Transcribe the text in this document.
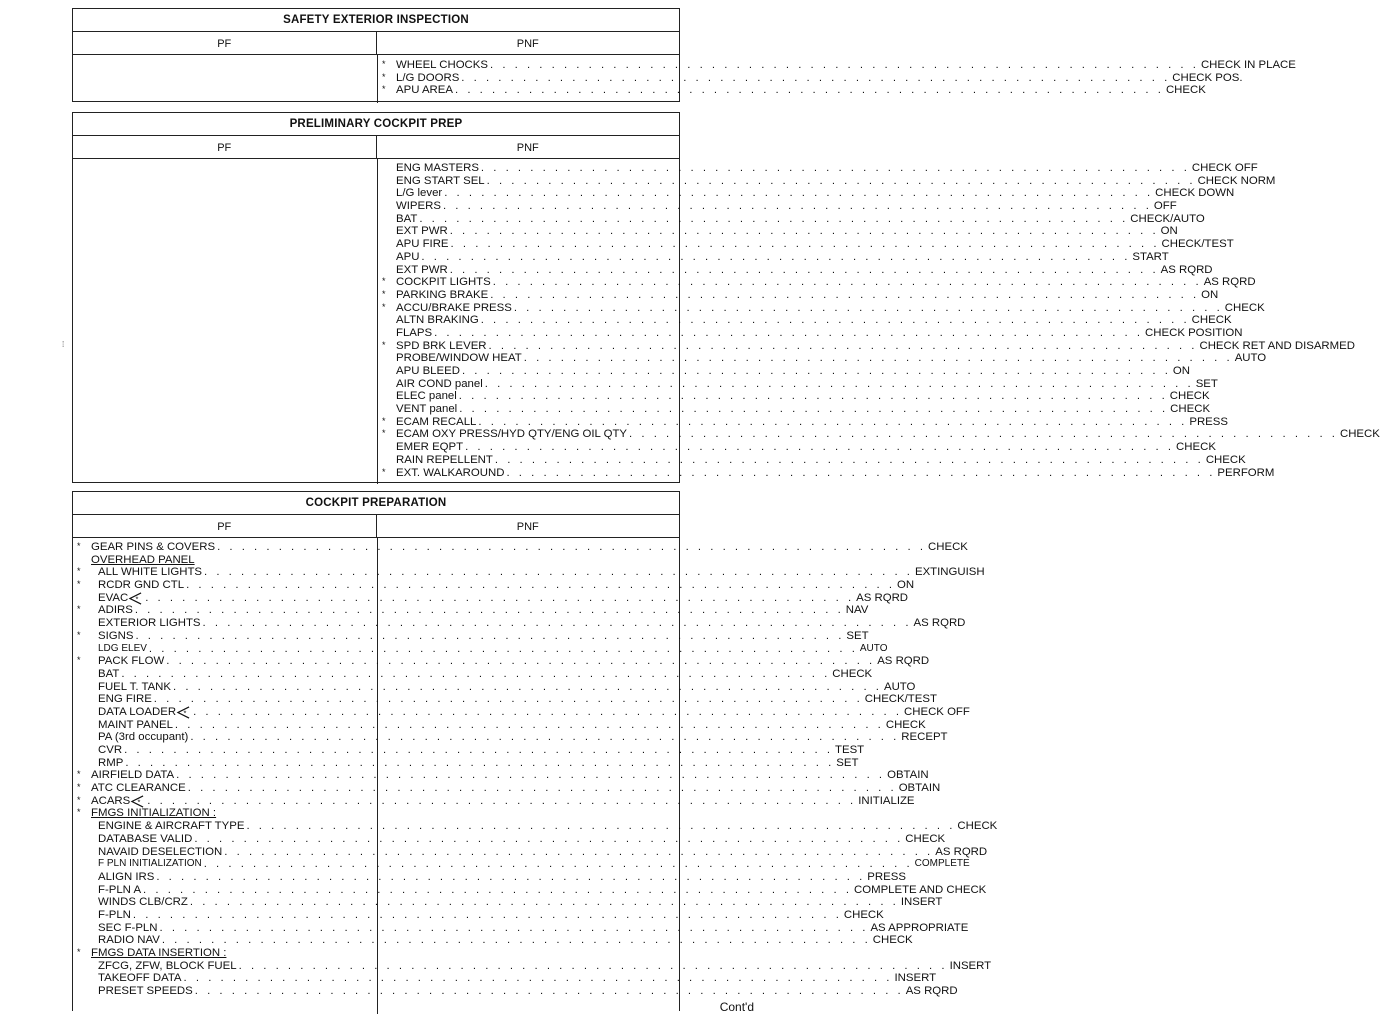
SAFETY EXTERIOR INSPECTION
PF	PNF
* WHEEL CHOCKS . . . . . . . . . . . . . . . . . . . . . . . . . . . . . . . . . . . . . . . . . . . . . . . . . . . . . . . . . . CHECK IN PLACE
* L/G DOORS . . . . . . . . . . . . . . . . . . . . . . . . . . . . . . . . . . . . . . . . . . . . . . . . . . . . . . . . . . CHECK POS.
* APU AREA . . . . . . . . . . . . . . . . . . . . . . . . . . . . . . . . . . . . . . . . . . . . . . . . . . . . . . . . . . CHECK
PRELIMINARY COCKPIT PREP
PF	PNF
ENG MASTERS . . . . . . . . . . . . . . . . . . . . . . . . . . . . . . . . . . . . . . . . . . . . . . . . . . . . . . . . . . CHECK OFF
ENG START SEL . . . . . . . . . . . . . . . . . . . . . . . . . . . . . . . . . . . . . . . . . . . . . . . . . . . . . . . . . . CHECK NORM
L/G lever . . . . . . . . . . . . . . . . . . . . . . . . . . . . . . . . . . . . . . . . . . . . . . . . . . . . . . . . . . CHECK DOWN
WIPERS . . . . . . . . . . . . . . . . . . . . . . . . . . . . . . . . . . . . . . . . . . . . . . . . . . . . . . . . . . OFF
BAT . . . . . . . . . . . . . . . . . . . . . . . . . . . . . . . . . . . . . . . . . . . . . . . . . . . . . . . . . . CHECK/AUTO
EXT PWR . . . . . . . . . . . . . . . . . . . . . . . . . . . . . . . . . . . . . . . . . . . . . . . . . . . . . . . . . . ON
APU FIRE . . . . . . . . . . . . . . . . . . . . . . . . . . . . . . . . . . . . . . . . . . . . . . . . . . . . . . . . . . CHECK/TEST
APU . . . . . . . . . . . . . . . . . . . . . . . . . . . . . . . . . . . . . . . . . . . . . . . . . . . . . . . . . . START
EXT PWR . . . . . . . . . . . . . . . . . . . . . . . . . . . . . . . . . . . . . . . . . . . . . . . . . . . . . . . . . . AS RQRD
* COCKPIT LIGHTS . . . . . . . . . . . . . . . . . . . . . . . . . . . . . . . . . . . . . . . . . . . . . . . . . . . . . . . . . . AS RQRD
* PARKING BRAKE . . . . . . . . . . . . . . . . . . . . . . . . . . . . . . . . . . . . . . . . . . . . . . . . . . . . . . . . . . ON
* ACCU/BRAKE PRESS . . . . . . . . . . . . . . . . . . . . . . . . . . . . . . . . . . . . . . . . . . . . . . . . . . . . . . . . . . CHECK
ALTN BRAKING . . . . . . . . . . . . . . . . . . . . . . . . . . . . . . . . . . . . . . . . . . . . . . . . . . . . . . . . . . CHECK
FLAPS . . . . . . . . . . . . . . . . . . . . . . . . . . . . . . . . . . . . . . . . . . . . . . . . . . . . . . . . . . CHECK POSITION
* SPD BRK LEVER . . . . . . . . . . . . . . . . . . . . . . . . . . . . . . . . . . . . . . . . . . . . . . . . . . . . . . . . . . CHECK RET AND DISARMED
PROBE/WINDOW HEAT . . . . . . . . . . . . . . . . . . . . . . . . . . . . . . . . . . . . . . . . . . . . . . . . . . . . . . . . . . AUTO
APU BLEED . . . . . . . . . . . . . . . . . . . . . . . . . . . . . . . . . . . . . . . . . . . . . . . . . . . . . . . . . . ON
AIR COND panel . . . . . . . . . . . . . . . . . . . . . . . . . . . . . . . . . . . . . . . . . . . . . . . . . . . . . . . . . . SET
ELEC panel . . . . . . . . . . . . . . . . . . . . . . . . . . . . . . . . . . . . . . . . . . . . . . . . . . . . . . . . . . CHECK
VENT panel . . . . . . . . . . . . . . . . . . . . . . . . . . . . . . . . . . . . . . . . . . . . . . . . . . . . . . . . . . CHECK
* ECAM RECALL . . . . . . . . . . . . . . . . . . . . . . . . . . . . . . . . . . . . . . . . . . . . . . . . . . . . . . . . . . PRESS
* ECAM OXY PRESS/HYD QTY/ENG OIL QTY . . . . . . . . . . . . . . . . . . . . . . . . . . . . . . . . . . . . . . . . . . . . . . . . . . . . . . . . . . CHECK
EMER EQPT . . . . . . . . . . . . . . . . . . . . . . . . . . . . . . . . . . . . . . . . . . . . . . . . . . . . . . . . . . CHECK
RAIN REPELLENT . . . . . . . . . . . . . . . . . . . . . . . . . . . . . . . . . . . . . . . . . . . . . . . . . . . . . . . . . . CHECK
* EXT. WALKAROUND . . . . . . . . . . . . . . . . . . . . . . . . . . . . . . . . . . . . . . . . . . . . . . . . . . . . . . . . . . PERFORM
COCKPIT PREPARATION
PF	PNF
* GEAR PINS & COVERS . . . . . . . . . . . . . . . . . . . . . . . . . . . . . . . . . . . . . . . . . . . . . . . . . . . . . . . . . . CHECK
OVERHEAD PANEL
* ALL WHITE LIGHTS . . . . . . . . . . . . . . . . . . . . . . . . . . . . . . . . . . . . . . . . . . . . . . . . . . . . . . . . . . EXTINGUISH
* RCDR GND CTL . . . . . . . . . . . . . . . . . . . . . . . . . . . . . . . . . . . . . . . . . . . . . . . . . . . . . . . . . . ON
EVAC * . . . . . . . . . . . . . . . . . . . . . . . . . . . . . . . . . . . . . . . . . . . . . . . . . . . . . . . . . . AS RQRD
* ADIRS . . . . . . . . . . . . . . . . . . . . . . . . . . . . . . . . . . . . . . . . . . . . . . . . . . . . . . . . . . NAV
EXTERIOR LIGHTS . . . . . . . . . . . . . . . . . . . . . . . . . . . . . . . . . . . . . . . . . . . . . . . . . . . . . . . . . . AS RQRD
* SIGNS . . . . . . . . . . . . . . . . . . . . . . . . . . . . . . . . . . . . . . . . . . . . . . . . . . . . . . . . . . SET
LDG ELEV . . . . . . . . . . . . . . . . . . . . . . . . . . . . . . . . . . . . . . . . . . . . . . . . . . . . . . . . . . AUTO
* PACK FLOW . . . . . . . . . . . . . . . . . . . . . . . . . . . . . . . . . . . . . . . . . . . . . . . . . . . . . . . . . . AS RQRD
BAT . . . . . . . . . . . . . . . . . . . . . . . . . . . . . . . . . . . . . . . . . . . . . . . . . . . . . . . . . . CHECK
FUEL T. TANK . . . . . . . . . . . . . . . . . . . . . . . . . . . . . . . . . . . . . . . . . . . . . . . . . . . . . . . . . . AUTO
ENG FIRE . . . . . . . . . . . . . . . . . . . . . . . . . . . . . . . . . . . . . . . . . . . . . . . . . . . . . . . . . . CHECK/TEST
DATA LOADER * . . . . . . . . . . . . . . . . . . . . . . . . . . . . . . . . . . . . . . . . . . . . . . . . . . . . . . . . . . CHECK OFF
MAINT PANEL . . . . . . . . . . . . . . . . . . . . . . . . . . . . . . . . . . . . . . . . . . . . . . . . . . . . . . . . . . CHECK
PA (3rd occupant) . . . . . . . . . . . . . . . . . . . . . . . . . . . . . . . . . . . . . . . . . . . . . . . . . . . . . . . . . . RECEPT
CVR . . . . . . . . . . . . . . . . . . . . . . . . . . . . . . . . . . . . . . . . . . . . . . . . . . . . . . . . . . TEST
RMP . . . . . . . . . . . . . . . . . . . . . . . . . . . . . . . . . . . . . . . . . . . . . . . . . . . . . . . . . . SET
* AIRFIELD DATA . . . . . . . . . . . . . . . . . . . . . . . . . . . . . . . . . . . . . . . . . . . . . . . . . . . . . . . . . . OBTAIN
* ATC CLEARANCE . . . . . . . . . . . . . . . . . . . . . . . . . . . . . . . . . . . . . . . . . . . . . . . . . . . . . . . . . . OBTAIN
* ACARS * . . . . . . . . . . . . . . . . . . . . . . . . . . . . . . . . . . . . . . . . . . . . . . . . . . . . . . . . . . INITIALIZE
* FMGS INITIALIZATION :
ENGINE & AIRCRAFT TYPE . . . . . . . . . . . . . . . . . . . . . . . . . . . . . . . . . . . . . . . . . . . . . . . . . . . . . . . . . . CHECK
DATABASE VALID . . . . . . . . . . . . . . . . . . . . . . . . . . . . . . . . . . . . . . . . . . . . . . . . . . . . . . . . . . CHECK
NAVAID DESELECTION . . . . . . . . . . . . . . . . . . . . . . . . . . . . . . . . . . . . . . . . . . . . . . . . . . . . . . . . . . AS RQRD
F PLN INITIALIZATION . . . . . . . . . . . . . . . . . . . . . . . . . . . . . . . . . . . . . . . . . . . . . . . . . . . . . . . . . . COMPLETE
ALIGN IRS . . . . . . . . . . . . . . . . . . . . . . . . . . . . . . . . . . . . . . . . . . . . . . . . . . . . . . . . . . PRESS
F-PLN A . . . . . . . . . . . . . . . . . . . . . . . . . . . . . . . . . . . . . . . . . . . . . . . . . . . . . . . . . . COMPLETE AND CHECK
WINDS CLB/CRZ . . . . . . . . . . . . . . . . . . . . . . . . . . . . . . . . . . . . . . . . . . . . . . . . . . . . . . . . . . INSERT
F-PLN . . . . . . . . . . . . . . . . . . . . . . . . . . . . . . . . . . . . . . . . . . . . . . . . . . . . . . . . . . CHECK
SEC F-PLN . . . . . . . . . . . . . . . . . . . . . . . . . . . . . . . . . . . . . . . . . . . . . . . . . . . . . . . . . . AS APPROPRIATE
RADIO NAV . . . . . . . . . . . . . . . . . . . . . . . . . . . . . . . . . . . . . . . . . . . . . . . . . . . . . . . . . . CHECK
* FMGS DATA INSERTION :
ZFCG, ZFW, BLOCK FUEL . . . . . . . . . . . . . . . . . . . . . . . . . . . . . . . . . . . . . . . . . . . . . . . . . . . . . . . . . . INSERT
TAKEOFF DATA . . . . . . . . . . . . . . . . . . . . . . . . . . . . . . . . . . . . . . . . . . . . . . . . . . . . . . . . . . INSERT
PRESET SPEEDS . . . . . . . . . . . . . . . . . . . . . . . . . . . . . . . . . . . . . . . . . . . . . . . . . . . . . . . . . . AS RQRD
⁞
Cont'd
